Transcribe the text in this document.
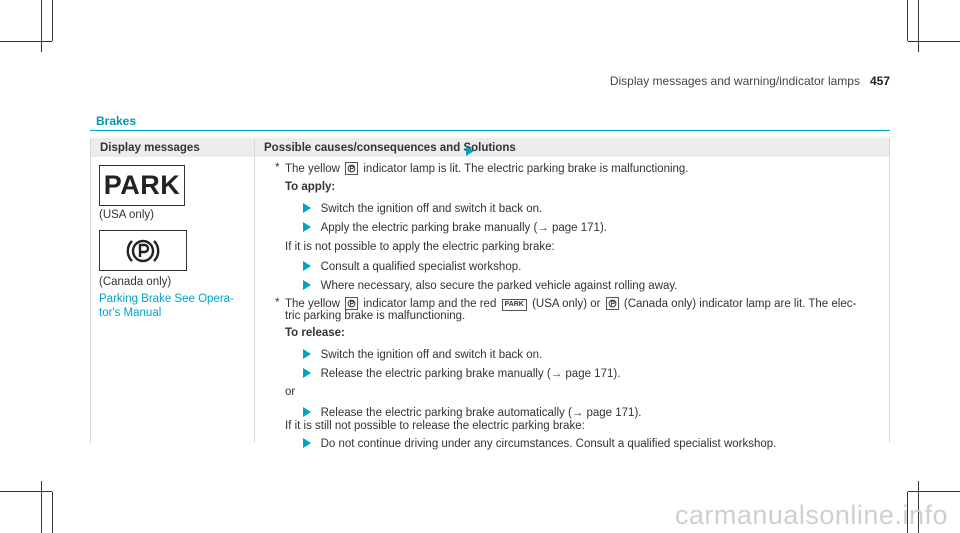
Display messages and warning/indicator lamps 457
Brakes
Display messages	Possible causes/consequences and Solutions
PARK
(USA only)
(Canada only)
Parking Brake See Opera-
tor's Manual
* The yellow indicator lamp is lit. The electric parking brake is malfunctioning.
To apply:
Switch the ignition off and switch it back on.
Apply the electric parking brake manually (→ page 171).
If it is not possible to apply the electric parking brake:
Consult a qualified specialist workshop.
Where necessary, also secure the parked vehicle against rolling away.
* The yellow indicator lamp and the red PARK (USA only) or (Canada only) indicator lamp are lit. The elec-
tric parking brake is malfunctioning.
To release:
Switch the ignition off and switch it back on.
Release the electric parking brake manually (→ page 171).
or
Release the electric parking brake automatically (→ page 171).
If it is still not possible to release the electric parking brake:
Do not continue driving under any circumstances. Consult a qualified specialist workshop.
carmanualsonline.info
